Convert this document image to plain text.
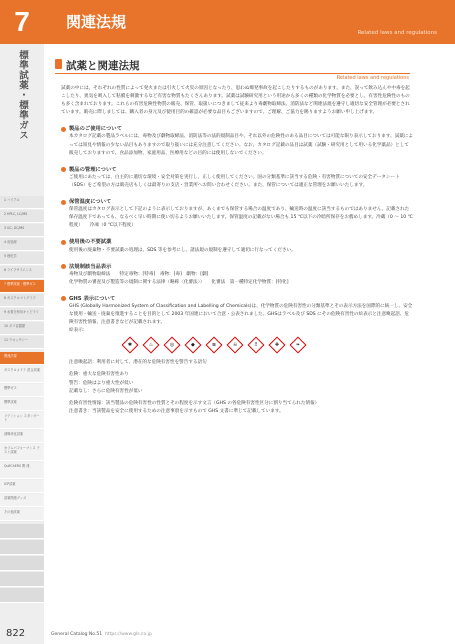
7
標準試薬・標準ガス
1 バイアル
2 HPLC, LC/MS
3 GC, GC/MS
4 前処理
5 理化学
6 ライフサイエンス
7 標準試薬・標準ガス
8 ガスクロマトグラフ
9 水質分析用キャピラリ
10 ポリ容器類
11 ウオッチシー
関連法規
ガスクロメイテ 混合試薬
標準ガス
標準試薬
リテンション スタンダード
誘導体化試薬
カラムパフォーマンス テスト試薬
QuEChERS 関 連
ICP試薬
試薬関連グッズ
その他試薬
関連法規
Related laws and regulations
試薬と関連法規
Related laws and regulations

試薬の中には、それぞれの性質によって発火または引火して火災の原因となったり、思わぬ爆発事故を起こしたりするものがあります。また、誤って飲み込んや中毒を起こしたり、異気を吸入して粘膜を刺激するなど有害な物質もたくさんあります。試薬は試験研究用という用途から多くの種類の化学物質を必要とし、有害性危険性のものも多く含まれております。これらの有害危険性物質の販売、保管、取扱いにつきまして従来より毒劇物取締法、消防法など関連法規を遵守し適切な安全管理が必要とされています。販売に際しましては、購入者の身元及び使用目的の確認が必要な品目もございますので、ご理解、ご協力を賜りますようお願い申し上げます。

製品のご使用について

本カタログ記載の製品ラベルには、毒物及び劇物取締法、消防法等の法的規制品目や、それ以外の危険性のある品目については可能な限り表示しております。試薬によっては知見や情報の少ない品目もありますので取り扱いには充分注意してください。なお、カタログ記載の品目は試薬（試験・研究用として用いる化学薬品）として販売しておりますので、食品添加物、家庭用品、医療用などの目的には使用しないでください。

製品の管理について

ご使用にあたっては、白主的に適切な環境・安全対策を実行し、正しく使用してください。国の分類基準に該当する危険・有害物質についての安全データシート（SDS）をご希望の方は販売店もしくは最寄りの支店・営業所へお問い合わせください。また、保管については適正な管理をお願いいたします。

保管温度について

保管温度はカタログ表示として下記のように表示しておりますが、あくまでも保管する場合の温度であり、輸送時の温度に該当するものではありません。記載された保存温度下であっても、なるべく早い時期に使い切るようお願いいたします。保管温度の記載がない場合も 15 ℃以下の冷暗所保存をお薦めします。冷蔵（0 ～ 10 ℃程度）　　冷凍（0 ℃以下程度）

使用後の不要試薬

使用後の廃棄物・不要試薬の処理は、SDS 等を参考にし、諸法規の規制を遵守して適切に行なってください。

法規制該当品表示

毒物及び劇物取締法　　特定毒物：[特毒]　毒物：[毒]　劇物：[劇]

化学物質の審査及び製造等の規制に関する法律（略称〈化審法〉）　　化審法　第一種特定化学物質：[特化]

GHS 表示について

GHS (Globally Harmonized System of Classification and Labelling of Chemicals)は、化学物質の危険有害性の分類基準とその表示方法を国際的に統一し、安全な使用・輸送・廃棄を推進することを目的として 2003 年国連において合意・公表されました。GHSはラベル及び SDS にその危険有害性の絵表示と注意喚起語、危険有害性情報、注意書きなどが記載されます。

絵表示：

✱	♨	◎	◆	≋	☠	!	✚	❧

注意喚起語：利用者に対して、潜在的な危険有害性を警告する語句

危険：重大な危険有害性あり

警告：危険はより重大性が低い

記載なし：さらに危険有害性が低い

危険有害性情報：該当製品の危険有害性の性質とその程度を示す文言（GHS の各危険有害性区分に割り当てられた情報）

注意書き：当該製品を安全に使用するための注意事項を示すもので GHS 文書に準じて記載しています。

822	General Catalog No.51 https://www.gls.co.jp
